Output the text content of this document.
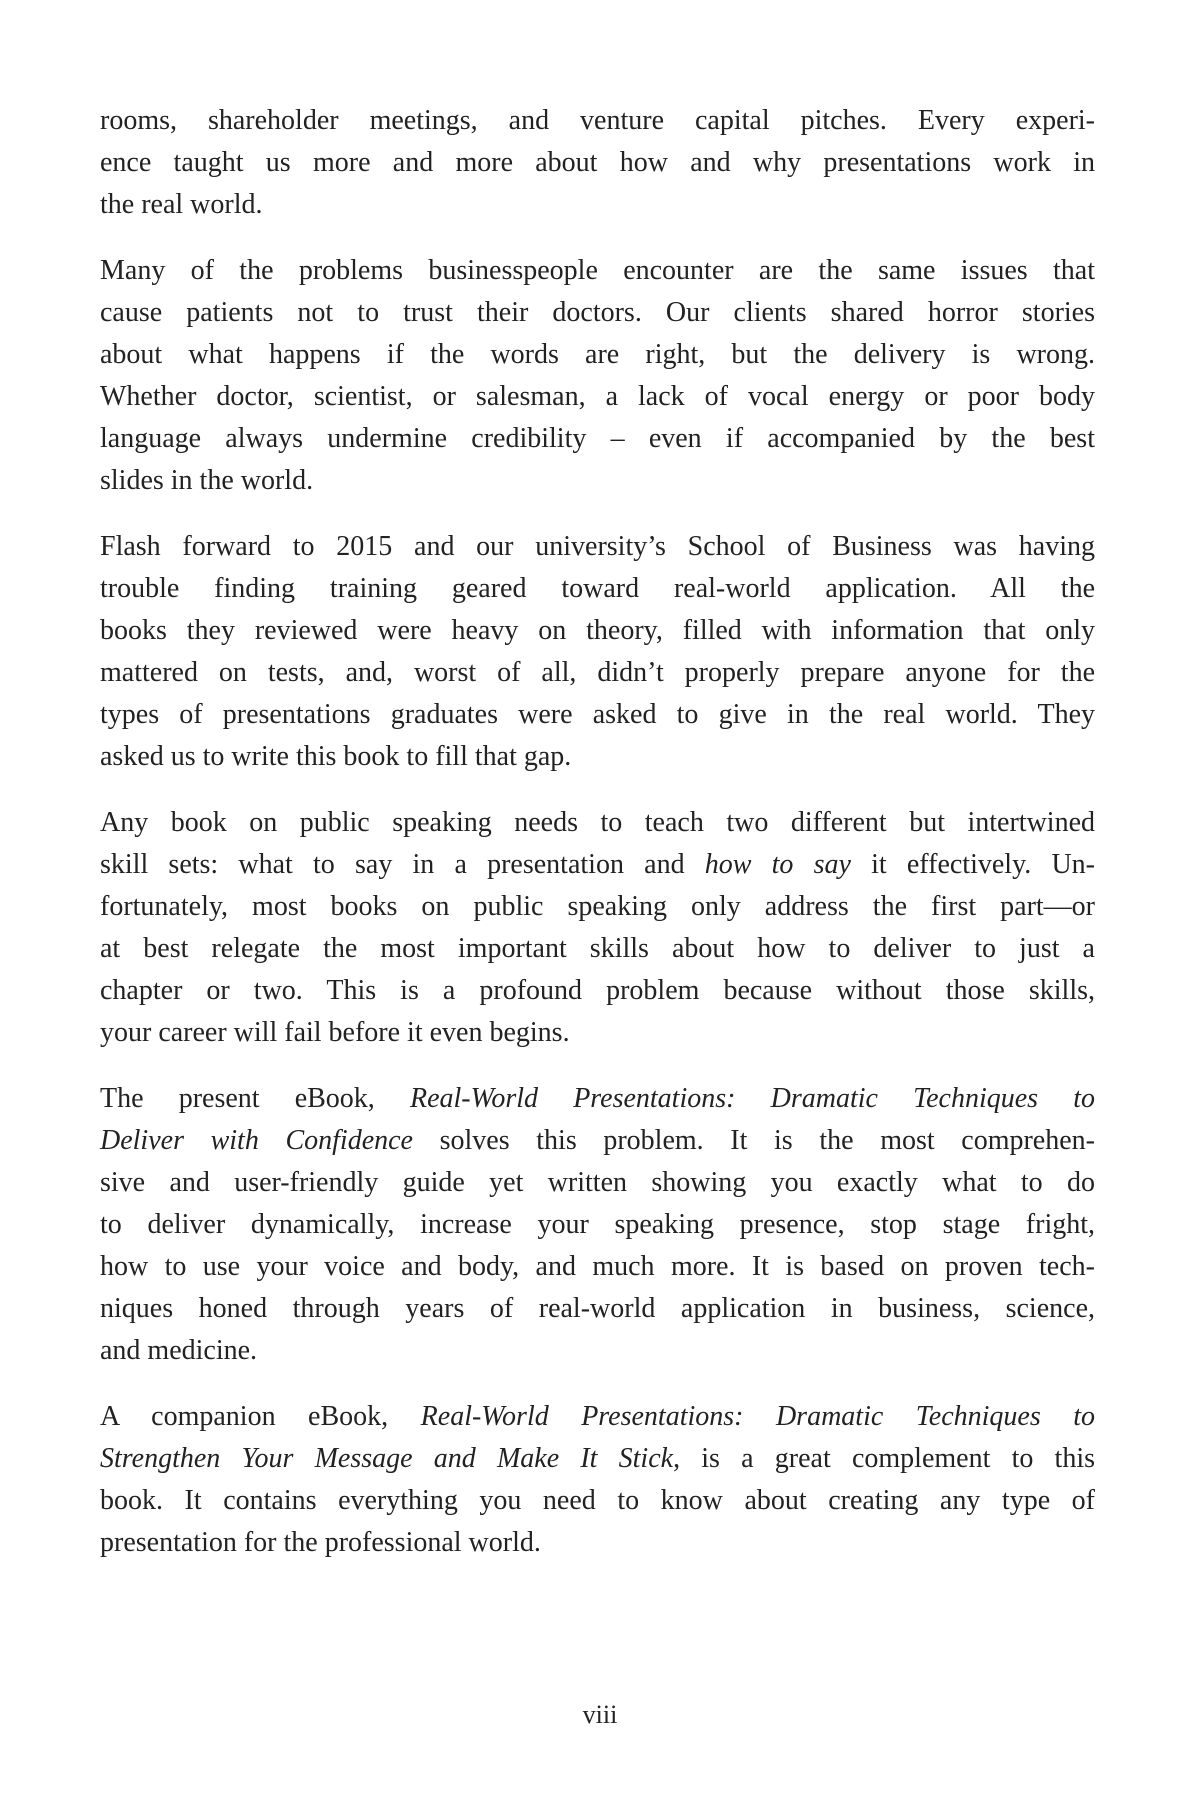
rooms, shareholder meetings, and venture capital pitches. Every experi-
ence taught us more and more about how and why presentations work in
the real world.
Many of the problems businesspeople encounter are the same issues that
cause patients not to trust their doctors. Our clients shared horror stories
about what happens if the words are right, but the delivery is wrong.
Whether doctor, scientist, or salesman, a lack of vocal energy or poor body
language always undermine credibility – even if accompanied by the best
slides in the world.
Flash forward to 2015 and our university’s School of Business was having
trouble finding training geared toward real-world application. All the
books they reviewed were heavy on theory, filled with information that only
mattered on tests, and, worst of all, didn’t properly prepare anyone for the
types of presentations graduates were asked to give in the real world. They
asked us to write this book to fill that gap.
Any book on public speaking needs to teach two different but intertwined
skill sets: what to say in a presentation and how to say it effectively. Un-
fortunately, most books on public speaking only address the first part—or
at best relegate the most important skills about how to deliver to just a
chapter or two. This is a profound problem because without those skills,
your career will fail before it even begins.
The present eBook, Real-World Presentations: Dramatic Techniques to
Deliver with Confidence solves this problem. It is the most comprehen-
sive and user-friendly guide yet written showing you exactly what to do
to deliver dynamically, increase your speaking presence, stop stage fright,
how to use your voice and body, and much more. It is based on proven tech-
niques honed through years of real-world application in business, science,
and medicine.
A companion eBook, Real-World Presentations: Dramatic Techniques to
Strengthen Your Message and Make It Stick, is a great complement to this
book. It contains everything you need to know about creating any type of
presentation for the professional world.
viii
